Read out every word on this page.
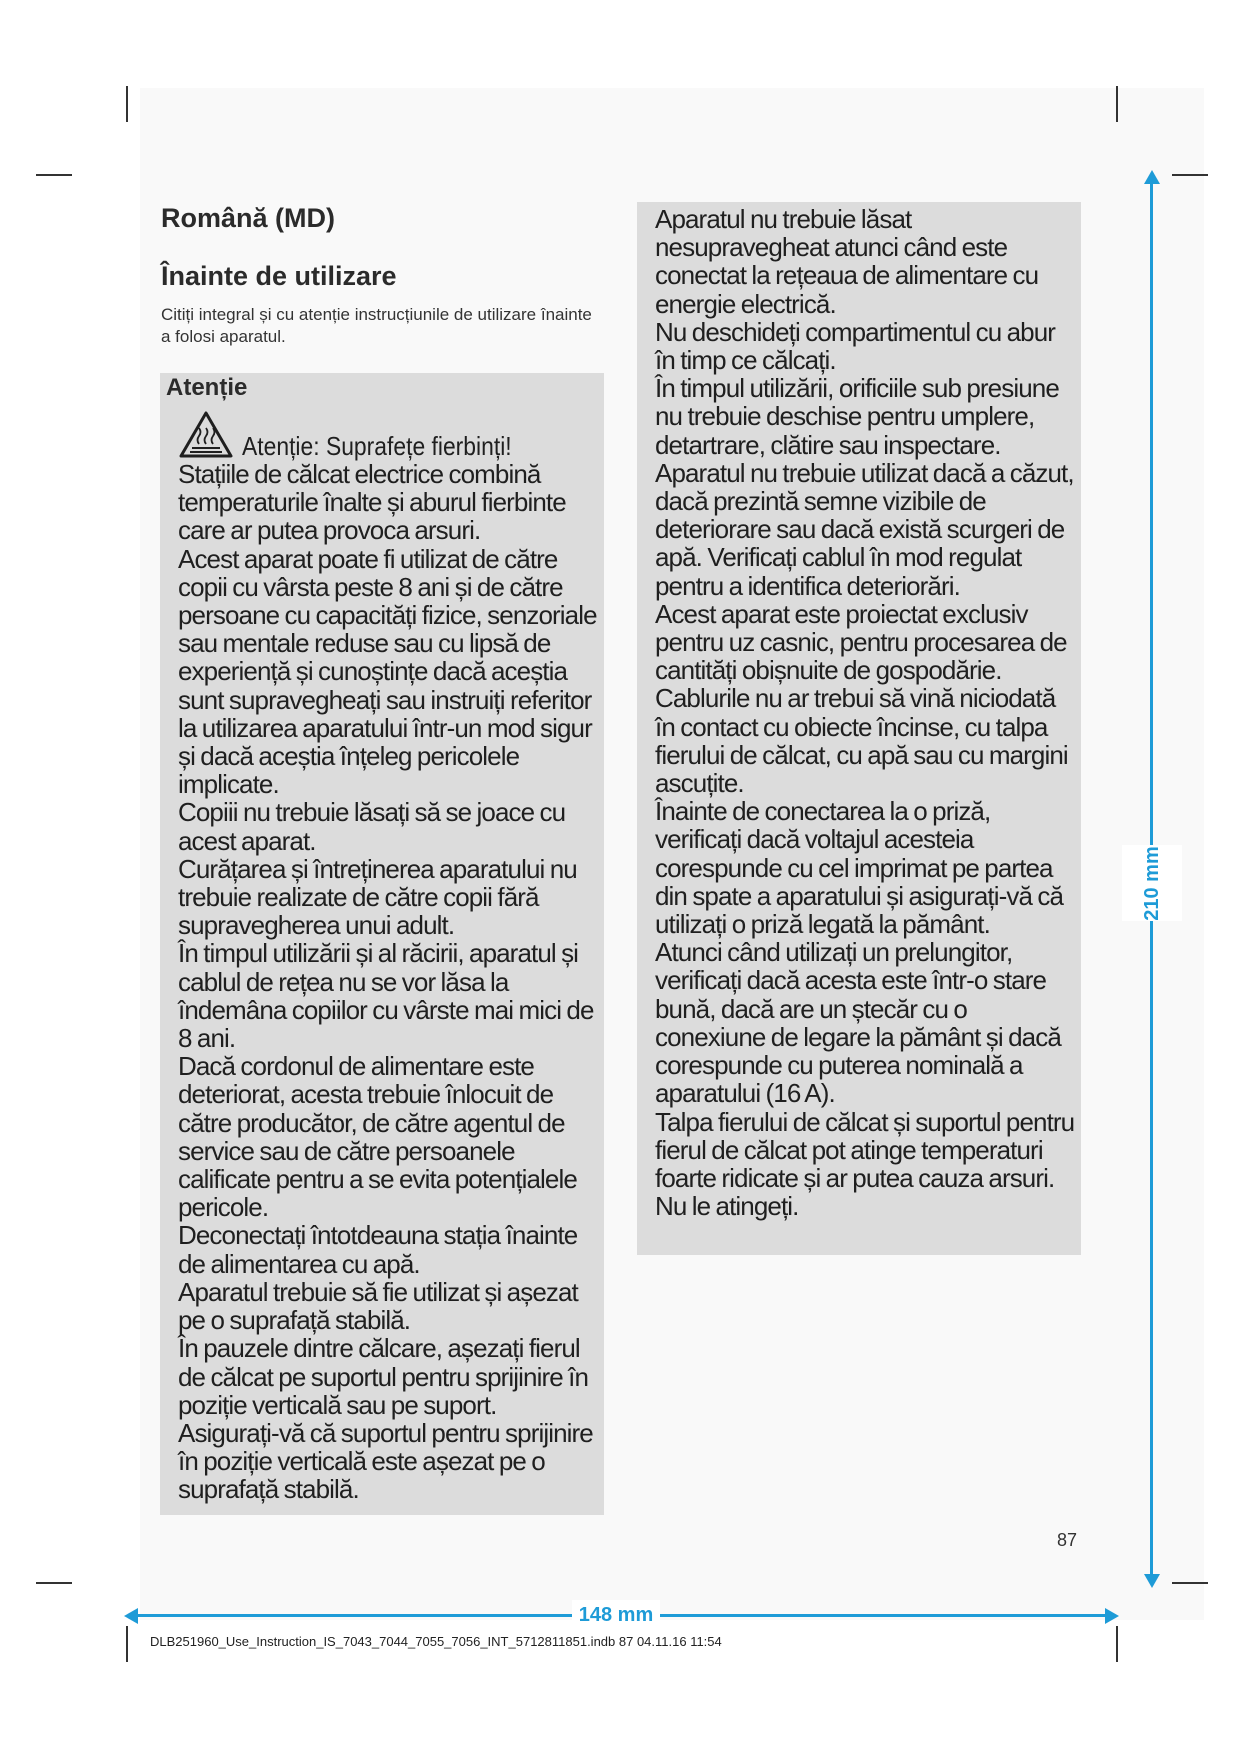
Română (MD)
Înainte de utilizare

Citiți integral și cu atenție instrucțiunile de utilizare înainte a folosi aparatul.

Atenție
Atenție: Suprafețe fierbinți!
Stațiile de călcat electrice combină temperaturile înalte și aburul fierbinte care ar putea provoca arsuri.
Acest aparat poate fi utilizat de către copii cu vârsta peste 8 ani și de către persoane cu capacități fizice, senzoriale sau mentale reduse sau cu lipsă de experiență și cunoștințe dacă aceștia sunt supravegheați sau instruiți referitor la utilizarea aparatului într-un mod sigur și dacă aceștia înțeleg pericolele implicate.
Copiii nu trebuie lăsați să se joace cu acest aparat.
Curățarea și întreținerea aparatului nu trebuie realizate de către copii fără supravegherea unui adult.
În timpul utilizării și al răcirii, aparatul și cablul de rețea nu se vor lăsa la îndemâna copiilor cu vârste mai mici de 8 ani.
Dacă cordonul de alimentare este deteriorat, acesta trebuie înlocuit de către producător, de către agentul de service sau de către persoanele calificate pentru a se evita potențialele pericole.
Deconectați întotdeauna stația înainte de alimentarea cu apă.
Aparatul trebuie să fie utilizat și așezat pe o suprafață stabilă.
În pauzele dintre călcare, așezați fierul de călcat pe suportul pentru sprijinire în poziție verticală sau pe suport. Asigurați-vă că suportul pentru sprijinire în poziție verticală este așezat pe o suprafață stabilă.
Aparatul nu trebuie lăsat nesupravegheat atunci când este conectat la rețeaua de alimentare cu energie electrică.
Nu deschideți compartimentul cu abur în timp ce călcați.
În timpul utilizării, orificiile sub presiune nu trebuie deschise pentru umplere, detartrare, clătire sau inspectare.
Aparatul nu trebuie utilizat dacă a căzut, dacă prezintă semne vizibile de deteriorare sau dacă există scurgeri de apă. Verificați cablul în mod regulat pentru a identifica deteriorări.
Acest aparat este proiectat exclusiv pentru uz casnic, pentru procesarea de cantități obișnuite de gospodărie.
Cablurile nu ar trebui să vină niciodată în contact cu obiecte încinse, cu talpa fierului de călcat, cu apă sau cu margini ascuțite.
Înainte de conectarea la o priză, verificați dacă voltajul acesteia corespunde cu cel imprimat pe partea din spate a aparatului și asigurați-vă că utilizați o priză legată la pământ.
Atunci când utilizați un prelungitor, verificați dacă acesta este într-o stare bună, dacă are un ștecăr cu o conexiune de legare la pământ și dacă corespunde cu puterea nominală a aparatului (16 A).
Talpa fierului de călcat și suportul pentru fierul de călcat pot atinge temperaturi foarte ridicate și ar putea cauza arsuri. Nu le atingeți.
87
210 mm
148 mm
DLB251960_Use_Instruction_IS_7043_7044_7055_7056_INT_5712811851.indb 87 04.11.16 11:54
